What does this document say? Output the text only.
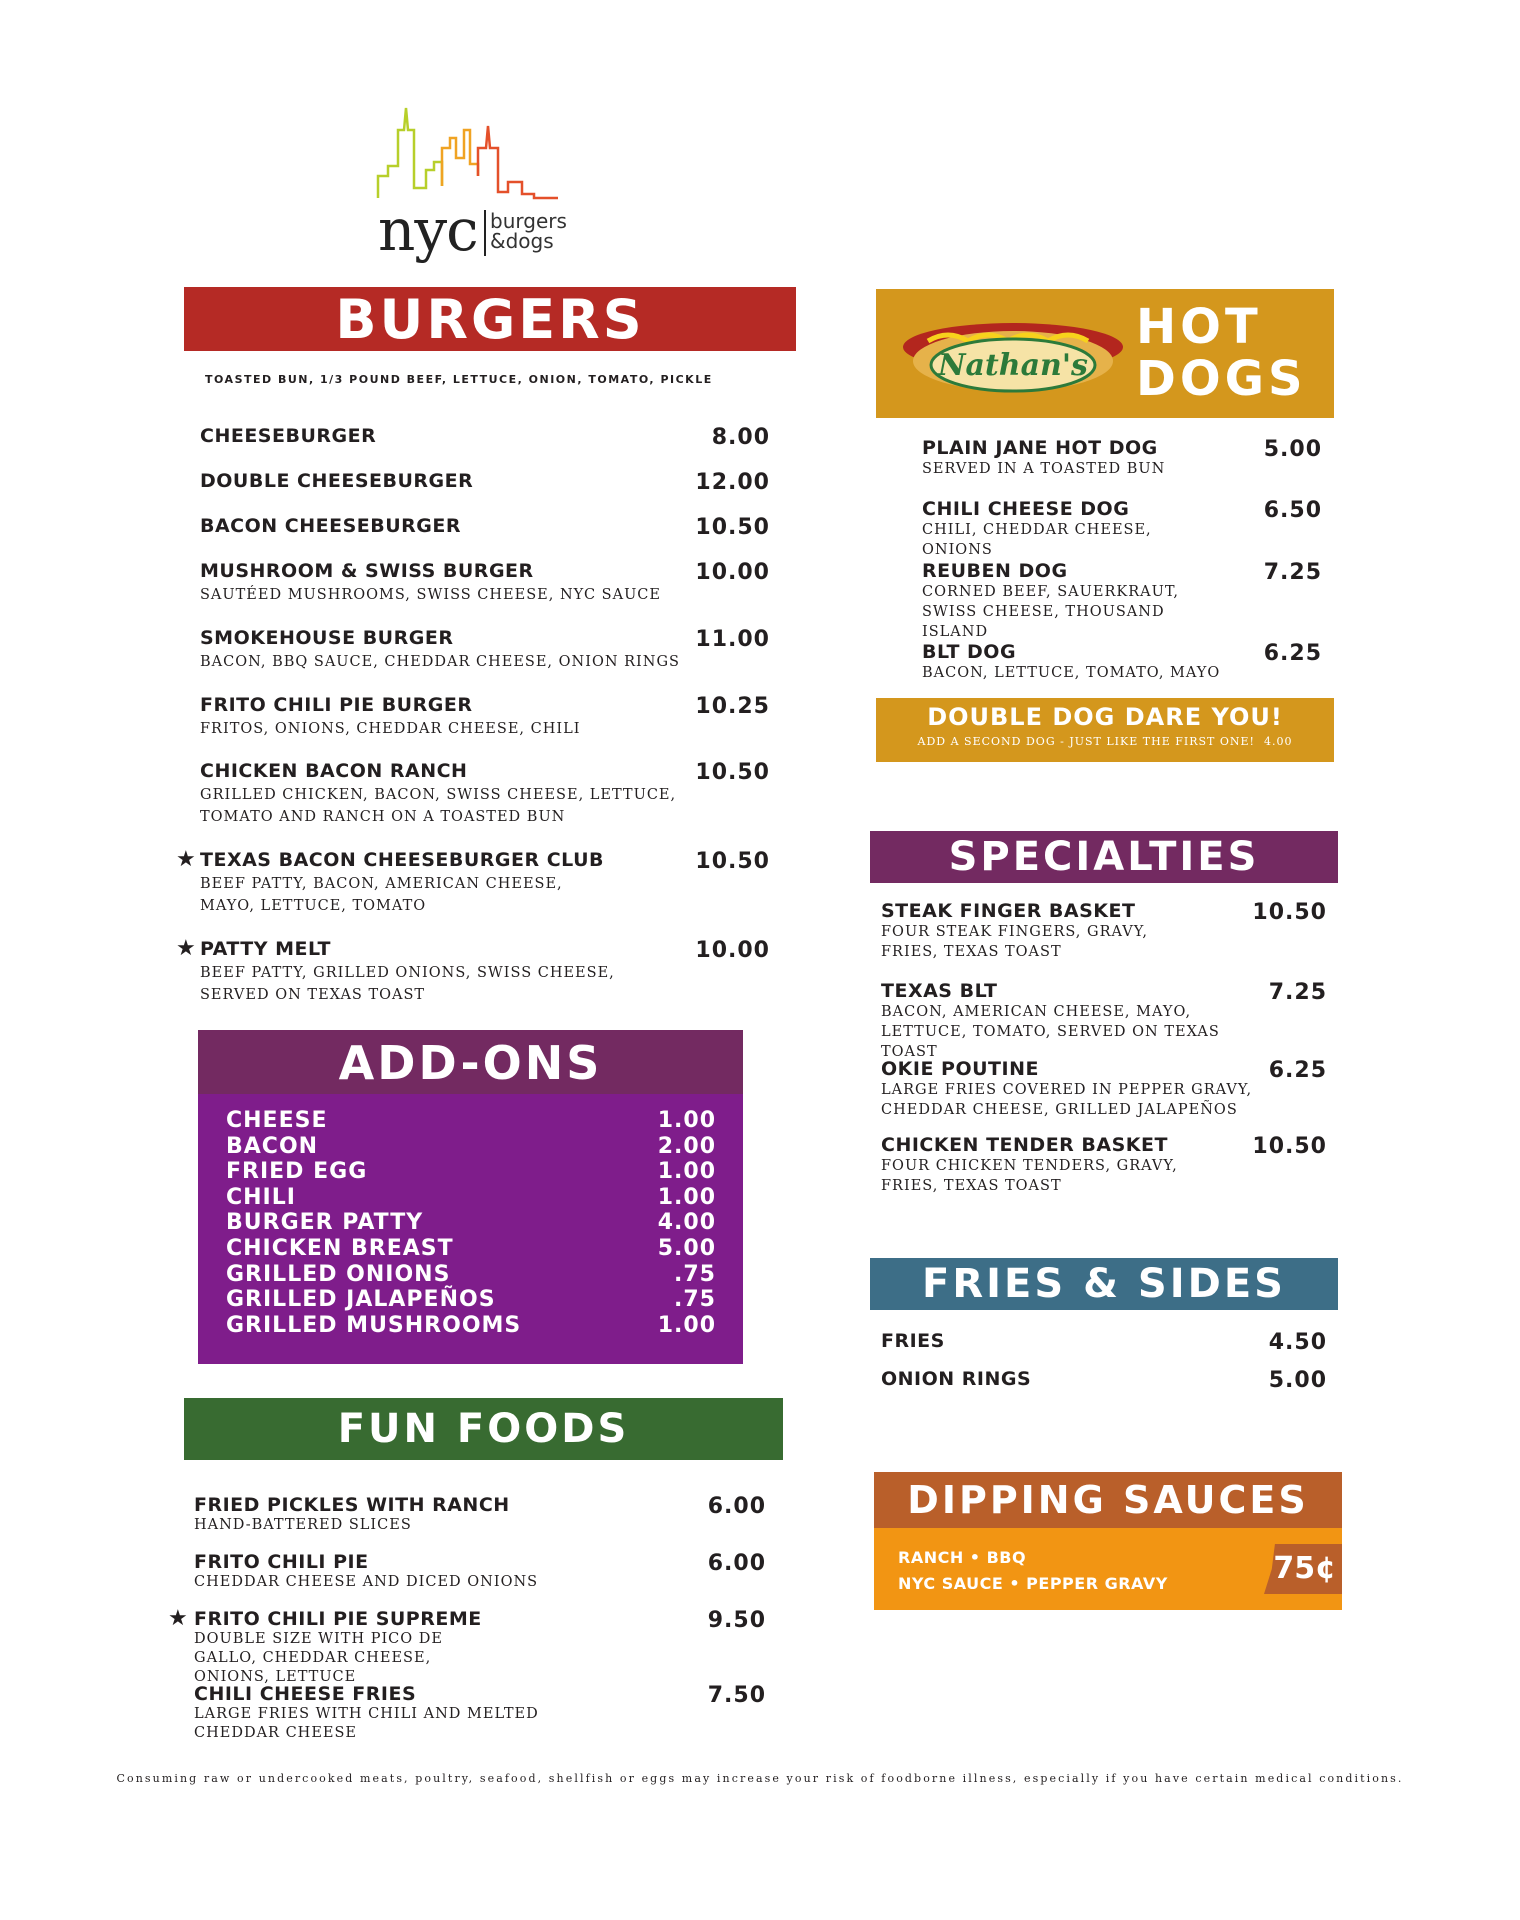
nyc burgers
&dogs
BURGERS
TOASTED BUN, 1/3 POUND BEEF, LETTUCE, ONION, TOMATO, PICKLE
CHEESEBURGER	8.00
DOUBLE CHEESEBURGER	12.00
BACON CHEESEBURGER	10.50
MUSHROOM & SWISS BURGER	10.00
SAUTÉED MUSHROOMS, SWISS CHEESE, NYC SAUCE
SMOKEHOUSE BURGER	11.00
BACON, BBQ SAUCE, CHEDDAR CHEESE, ONION RINGS
FRITO CHILI PIE BURGER	10.25
FRITOS, ONIONS, CHEDDAR CHEESE, CHILI
CHICKEN BACON RANCH	10.50
GRILLED CHICKEN, BACON, SWISS CHEESE, LETTUCE, TOMATO AND RANCH ON A TOASTED BUN
★ TEXAS BACON CHEESEBURGER CLUB	10.50
BEEF PATTY, BACON, AMERICAN CHEESE, MAYO, LETTUCE, TOMATO
★ PATTY MELT	10.00
BEEF PATTY, GRILLED ONIONS, SWISS CHEESE, SERVED ON TEXAS TOAST
ADD-ONS
CHEESE	1.00
BACON	2.00
FRIED EGG	1.00
CHILI	1.00
BURGER PATTY	4.00
CHICKEN BREAST	5.00
GRILLED ONIONS	.75
GRILLED JALAPEÑOS	.75
GRILLED MUSHROOMS	1.00
FUN FOODS
FRIED PICKLES WITH RANCH	6.00
HAND-BATTERED SLICES
FRITO CHILI PIE	6.00
CHEDDAR CHEESE AND DICED ONIONS
★ FRITO CHILI PIE SUPREME	9.50
DOUBLE SIZE WITH PICO DE GALLO, CHEDDAR CHEESE, ONIONS, LETTUCE
CHILI CHEESE FRIES	7.50
LARGE FRIES WITH CHILI AND MELTED CHEDDAR CHEESE
Nathan's
HOT
DOGS
PLAIN JANE HOT DOG	5.00
SERVED IN A TOASTED BUN
CHILI CHEESE DOG	6.50
CHILI, CHEDDAR CHEESE, ONIONS
REUBEN DOG	7.25
CORNED BEEF, SAUERKRAUT, SWISS CHEESE, THOUSAND ISLAND
BLT DOG	6.25
BACON, LETTUCE, TOMATO, MAYO
DOUBLE DOG DARE YOU!
ADD A SECOND DOG - JUST LIKE THE FIRST ONE! 4.00
SPECIALTIES
STEAK FINGER BASKET	10.50
FOUR STEAK FINGERS, GRAVY, FRIES, TEXAS TOAST
TEXAS BLT	7.25
BACON, AMERICAN CHEESE, MAYO, LETTUCE, TOMATO, SERVED ON TEXAS TOAST
OKIE POUTINE	6.25
LARGE FRIES COVERED IN PEPPER GRAVY, CHEDDAR CHEESE, GRILLED JALAPEÑOS
CHICKEN TENDER BASKET	10.50
FOUR CHICKEN TENDERS, GRAVY, FRIES, TEXAS TOAST
FRIES & SIDES
FRIES	4.50
ONION RINGS	5.00
DIPPING SAUCES
RANCH • BBQ
NYC SAUCE • PEPPER GRAVY	75¢
Consuming raw or undercooked meats, poultry, seafood, shellfish or eggs may increase your risk of foodborne illness, especially if you have certain medical conditions.
